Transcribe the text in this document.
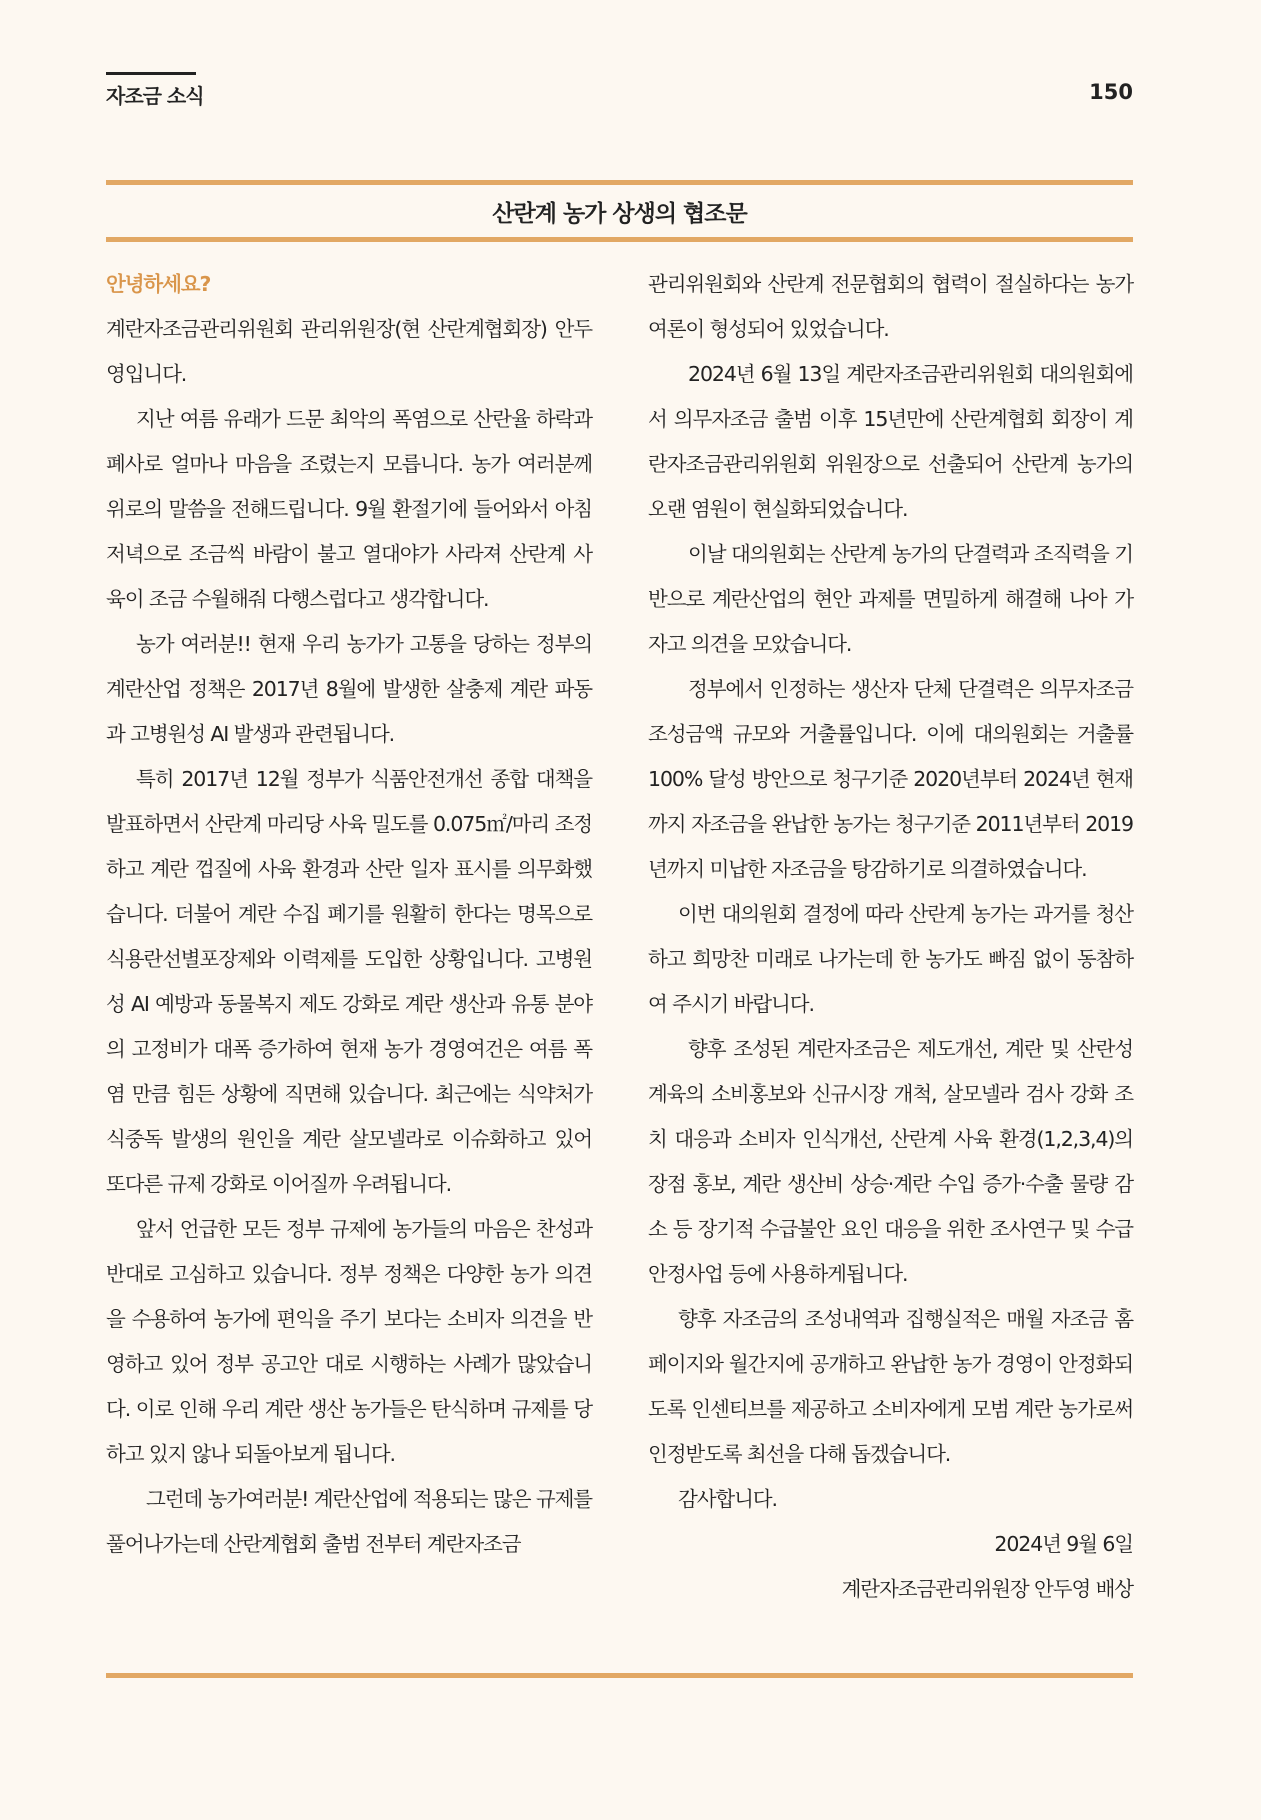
자조금 소식	150
산란계 농가 상생의 협조문

안녕하세요?

계란자조금관리위원회 관리위원장(현 산란계협회장) 안두영입니다.

지난 여름 유래가 드문 최악의 폭염으로 산란율 하락과 폐사로 얼마나 마음을 조렸는지 모릅니다. 농가 여러분께 위로의 말씀을 전해드립니다. 9월 환절기에 들어와서 아침 저녁으로 조금씩 바람이 불고 열대야가 사라져 산란계 사육이 조금 수월해줘 다행스럽다고 생각합니다.

농가 여러분!! 현재 우리 농가가 고통을 당하는 정부의 계란산업 정책은 2017년 8월에 발생한 살충제 계란 파동과 고병원성 AI 발생과 관련됩니다.

특히 2017년 12월 정부가 식품안전개선 종합 대책을 발표하면서 산란계 마리당 사육 밀도를 0.075㎡/마리 조정하고 계란 껍질에 사육 환경과 산란 일자 표시를 의무화했습니다. 더불어 계란 수집 폐기를 원활히 한다는 명목으로 식용란선별포장제와 이력제를 도입한 상황입니다. 고병원성 AI 예방과 동물복지 제도 강화로 계란 생산과 유통 분야의 고정비가 대폭 증가하여 현재 농가 경영여건은 여름 폭염 만큼 힘든 상황에 직면해 있습니다. 최근에는 식약처가 식중독 발생의 원인을 계란 살모넬라로 이슈화하고 있어 또다른 규제 강화로 이어질까 우려됩니다.

앞서 언급한 모든 정부 규제에 농가들의 마음은 찬성과 반대로 고심하고 있습니다. 정부 정책은 다양한 농가 의견을 수용하여 농가에 편익을 주기 보다는 소비자 의견을 반영하고 있어 정부 공고안 대로 시행하는 사례가 많았습니다. 이로 인해 우리 계란 생산 농가들은 탄식하며 규제를 당하고 있지 않나 되돌아보게 됩니다.

그런데 농가여러분! 계란산업에 적용되는 많은 규제를 풀어나가는데 산란계협회 출범 전부터 계란자조금

관리위원회와 산란계 전문협회의 협력이 절실하다는 농가 여론이 형성되어 있었습니다.

2024년 6월 13일 계란자조금관리위원회 대의원회에서 의무자조금 출범 이후 15년만에 산란계협회 회장이 계란자조금관리위원회 위원장으로 선출되어 산란계 농가의 오랜 염원이 현실화되었습니다.

이날 대의원회는 산란계 농가의 단결력과 조직력을 기반으로 계란산업의 현안 과제를 면밀하게 해결해 나아 가자고 의견을 모았습니다.

정부에서 인정하는 생산자 단체 단결력은 의무자조금 조성금액 규모와 거출률입니다. 이에 대의원회는 거출률 100% 달성 방안으로 청구기준 2020년부터 2024년 현재까지 자조금을 완납한 농가는 청구기준 2011년부터 2019년까지 미납한 자조금을 탕감하기로 의결하였습니다.

이번 대의원회 결정에 따라 산란계 농가는 과거를 청산하고 희망찬 미래로 나가는데 한 농가도 빠짐 없이 동참하여 주시기 바랍니다.

향후 조성된 계란자조금은 제도개선, 계란 및 산란성계육의 소비홍보와 신규시장 개척, 살모넬라 검사 강화 조치 대응과 소비자 인식개선, 산란계 사육 환경(1,2,3,4)의 장점 홍보, 계란 생산비 상승·계란 수입 증가·수출 물량 감소 등 장기적 수급불안 요인 대응을 위한 조사연구 및 수급안정사업 등에 사용하게됩니다.

향후 자조금의 조성내역과 집행실적은 매월 자조금 홈페이지와 월간지에 공개하고 완납한 농가 경영이 안정화되도록 인센티브를 제공하고 소비자에게 모범 계란 농가로써 인정받도록 최선을 다해 돕겠습니다.

감사합니다.

2024년 9월 6일

계란자조금관리위원장 안두영 배상
